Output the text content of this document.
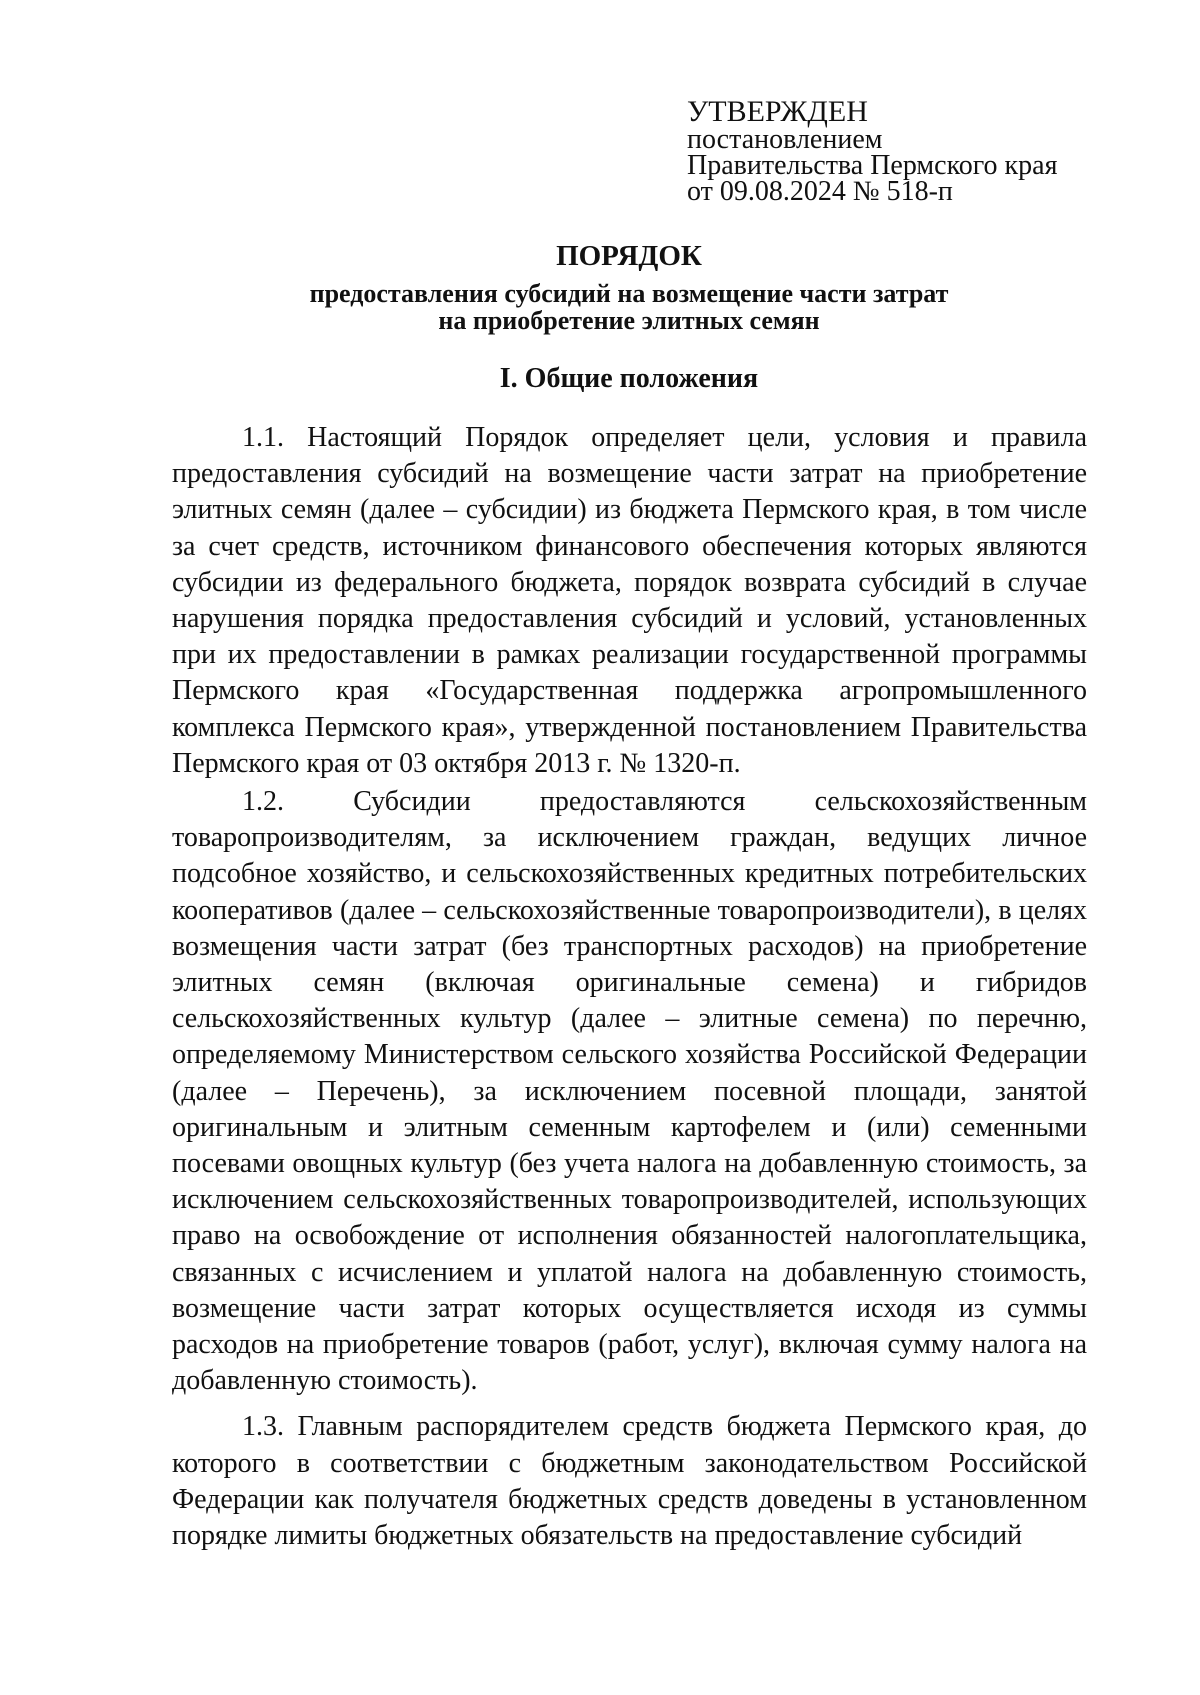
УТВЕРЖДЕН
постановлением
Правительства Пермского края
от 09.08.2024 № 518-п
ПОРЯДОК
предоставления субсидий на возмещение части затрат
на приобретение элитных семян
I. Общие положения

1.1. Настоящий Порядок определяет цели, условия и правила предоставления субсидий на возмещение части затрат на приобретение элитных семян (далее – субсидии) из бюджета Пермского края, в том числе за счет средств, источником финансового обеспечения которых являются субсидии из федерального бюджета, порядок возврата субсидий в случае нарушения порядка предоставления субсидий и условий, установленных при их предоставлении в рамках реализации государственной программы Пермского края «Государственная поддержка агропромышленного комплекса Пермского края», утвержденной постановлением Правительства Пермского края от 03 октября 2013 г. № 1320-п.

1.2. Субсидии предоставляются сельскохозяйственным товаропроизводителям, за исключением граждан, ведущих личное подсобное хозяйство, и сельскохозяйственных кредитных потребительских кооперативов (далее – сельскохозяйственные товаропроизводители), в целях возмещения части затрат (без транспортных расходов) на приобретение элитных семян (включая оригинальные семена) и гибридов сельскохозяйственных культур (далее – элитные семена) по перечню, определяемому Министерством сельского хозяйства Российской Федерации (далее – Перечень), за исключением посевной площади, занятой оригинальным и элитным семенным картофелем и (или) семенными посевами овощных культур (без учета налога на добавленную стоимость, за исключением сельскохозяйственных товаропроизводителей, использующих право на освобождение от исполнения обязанностей налогоплательщика, связанных с исчислением и уплатой налога на добавленную стоимость, возмещение части затрат которых осуществляется исходя из суммы расходов на приобретение товаров (работ, услуг), включая сумму налога на добавленную стоимость).

1.3. Главным распорядителем средств бюджета Пермского края, до которого в соответствии с бюджетным законодательством Российской Федерации как получателя бюджетных средств доведены в установленном порядке лимиты бюджетных обязательств на предоставление субсидий
